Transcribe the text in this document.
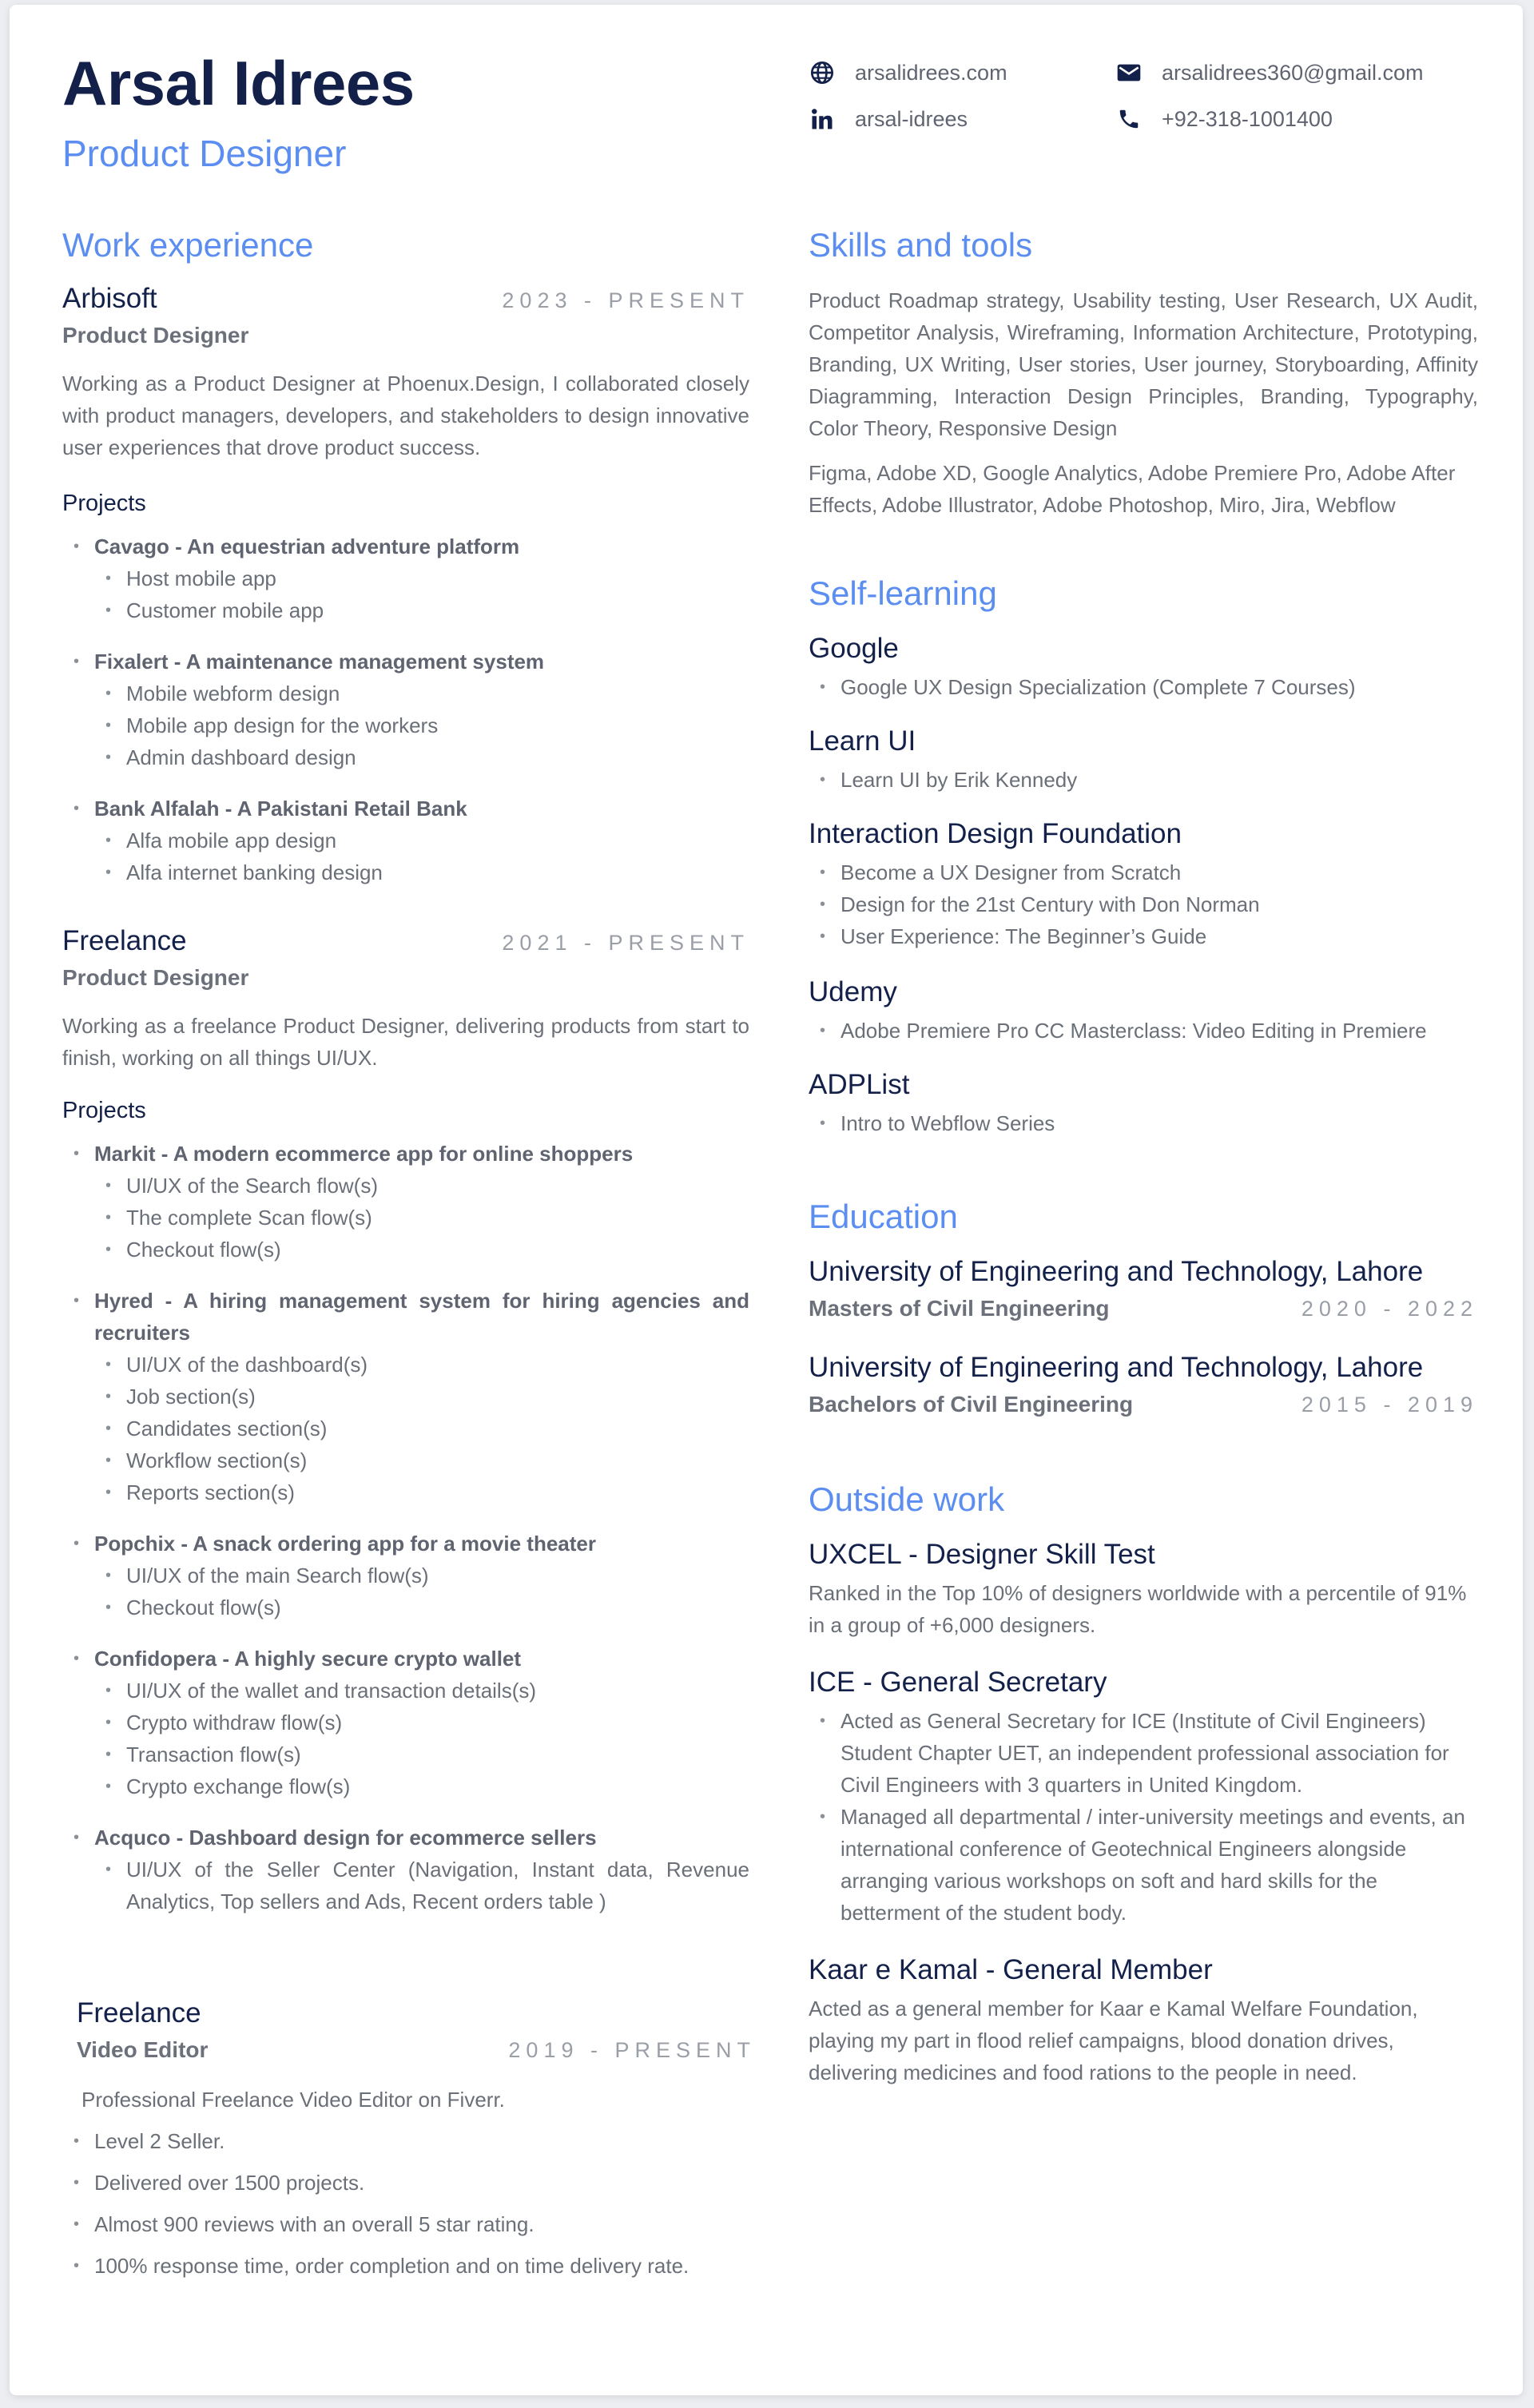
Arsal Idrees
Product Designer
Work experience
Arbisoft	2023 - PRESENT
Product Designer
Working as a Product Designer at Phoenux.Design, I collaborated closely with product managers, developers, and stakeholders to design innovative user experiences that drove product success.
Projects
• Cavago - An equestrian adventure platform
• Host mobile app
• Customer mobile app
• Fixalert - A maintenance management system
• Mobile webform design
• Mobile app design for the workers
• Admin dashboard design
• Bank Alfalah - A Pakistani Retail Bank
• Alfa mobile app design
• Alfa internet banking design
Freelance	2021 - PRESENT
Product Designer
Working as a freelance Product Designer, delivering products from start to finish, working on all things UI/UX.
Projects
• Markit - A modern ecommerce app for online shoppers
• UI/UX of the Search flow(s)
• The complete Scan flow(s)
• Checkout flow(s)
• Hyred - A hiring management system for hiring agencies and recruiters
• UI/UX of the dashboard(s)
• Job section(s)
• Candidates section(s)
• Workflow section(s)
• Reports section(s)
• Popchix - A snack ordering app for a movie theater
• UI/UX of the main Search flow(s)
• Checkout flow(s)
• Confidopera - A highly secure crypto wallet
• UI/UX of the wallet and transaction details(s)
• Crypto withdraw flow(s)
• Transaction flow(s)
• Crypto exchange flow(s)
• Acquco - Dashboard design for ecommerce sellers
• UI/UX of the Seller Center (Navigation, Instant data, Revenue Analytics, Top sellers and Ads, Recent orders table )
Freelance
Video Editor	2019 - PRESENT
Professional Freelance Video Editor on Fiverr.
• Level 2 Seller.
• Delivered over 1500 projects.
• Almost 900 reviews with an overall 5 star rating.
• 100% response time, order completion and on time delivery rate.
arsalidrees.com	arsalidrees360@gmail.com
arsal-idrees	+92-318-1001400
Skills and tools
Product Roadmap strategy, Usability testing, User Research, UX Audit, Competitor Analysis, Wireframing, Information Architecture, Prototyping, Branding, UX Writing, User stories, User journey, Storyboarding, Affinity Diagramming, Interaction Design Principles, Branding, Typography, Color Theory, Responsive Design
Figma, Adobe XD, Google Analytics, Adobe Premiere Pro, Adobe After Effects, Adobe Illustrator, Adobe Photoshop, Miro, Jira, Webflow
Self-learning
Google
• Google UX Design Specialization (Complete 7 Courses)
Learn UI
• Learn UI by Erik Kennedy
Interaction Design Foundation
• Become a UX Designer from Scratch
• Design for the 21st Century with Don Norman
• User Experience: The Beginner’s Guide
Udemy
• Adobe Premiere Pro CC Masterclass: Video Editing in Premiere
ADPList
• Intro to Webflow Series
Education
University of Engineering and Technology, Lahore
Masters of Civil Engineering	2020 - 2022
University of Engineering and Technology, Lahore
Bachelors of Civil Engineering	2015 - 2019
Outside work
UXCEL - Designer Skill Test
Ranked in the Top 10% of designers worldwide with a percentile of 91% in a group of +6,000 designers.
ICE - General Secretary
• Acted as General Secretary for ICE (Institute of Civil Engineers) Student Chapter UET, an independent professional association for Civil Engineers with 3 quarters in United Kingdom.
• Managed all departmental / inter-university meetings and events, an international conference of Geotechnical Engineers alongside arranging various workshops on soft and hard skills for the betterment of the student body.
Kaar e Kamal - General Member
Acted as a general member for Kaar e Kamal Welfare Foundation, playing my part in flood relief campaigns, blood donation drives, delivering medicines and food rations to the people in need.
